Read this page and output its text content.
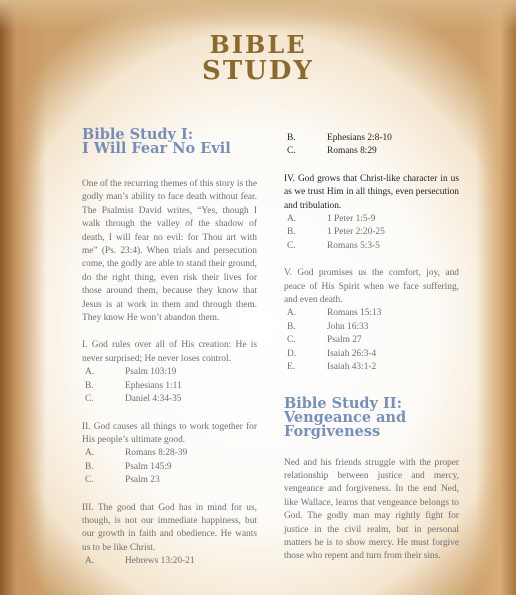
BIBLE
STUDY
Bible Study I:
I Will Fear No Evil

One of the recurring themes of this story is the godly man’s ability to face death without fear. The Psalmist David writes, “Yes, though I walk through the valley of the shadow of death, I will fear no evil: for Thou art with me” (Ps. 23:4). When trials and persecution come, the godly are able to stand their ground, do the right thing, even risk their lives for those around them, because they know that Jesus is at work in them and through them. They know He won’t abandon them.

I. God rules over all of His creation: He is never surprised; He never loses control.

A.	Psalm 103:19
B.	Ephesians 1:11
C.	Daniel 4:34-35

II. God causes all things to work together for His people’s ultimate good.

A.	Romans 8:28-39
B.	Psalm 145:9
C.	Psalm 23

III. The good that God has in mind for us, though, is not our immediate happiness, but our growth in faith and obedience. He wants us to be like Christ.

A.	Hebrews 13:20-21
B.	Ephesians 2:8-10
C.	Romans 8:29

IV. God grows that Christ-like character in us as we trust Him in all things, even persecution and tribulation.

A.	1 Peter 1:5-9
B.	1 Peter 2:20-25
C.	Romans 5:3-5

V. God promises us the comfort, joy, and peace of His Spirit when we face suffering, and even death.

A.	Romans 15:13
B.	John 16:33
C.	Psalm 27
D.	Isaiah 26:3-4
E.	Isaiah 43:1-2
Bible Study II:
Vengeance and Forgiveness

Ned and his friends struggle with the proper relationship between justice and mercy, vengeance and forgiveness. In the end Ned, like Wallace, learns that vengeance belongs to God. The godly man may rightly fight for justice in the civil realm, but in personal matters he is to show mercy. He must forgive those who repent and turn from their sins.
